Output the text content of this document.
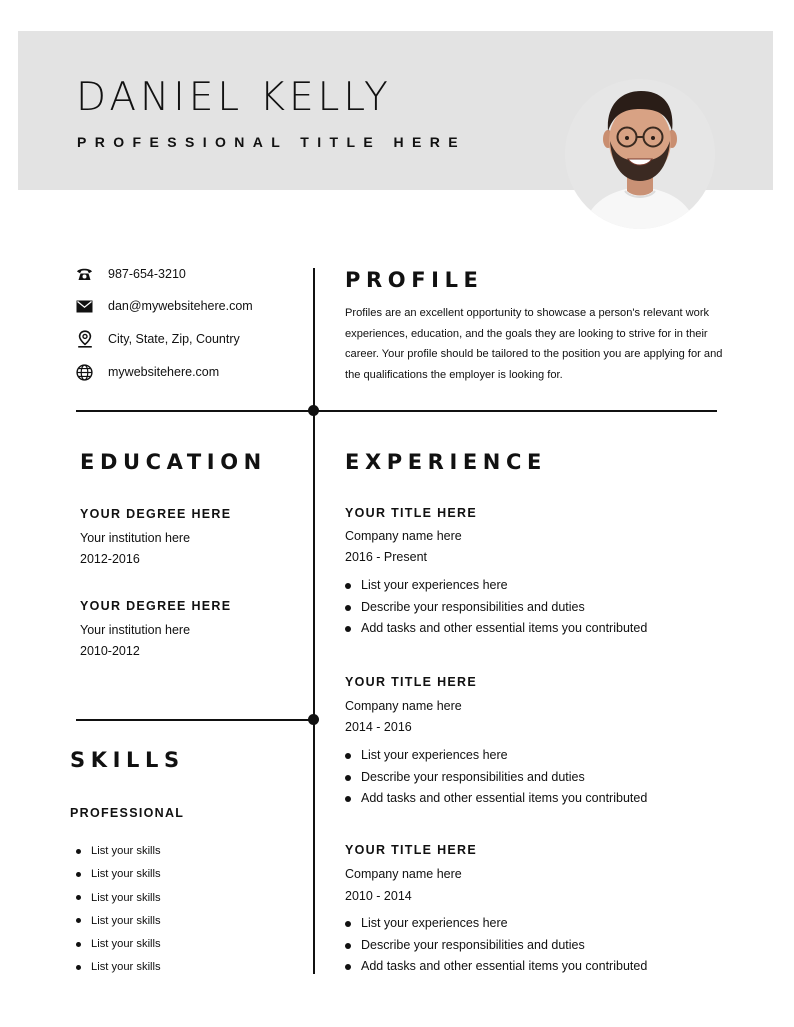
DANIEL KELLY
PROFESSIONAL TITLE HERE
987-654-3210
dan@mywebsitehere.com
City, State, Zip, Country
mywebsitehere.com
PROFILE

Profiles are an excellent opportunity to showcase a person's relevant work experiences, education, and the goals they are looking to strive for in their career. Your profile should be tailored to the position you are applying for and the qualifications the employer is looking for.

EDUCATION
YOUR DEGREE HERE
Your institution here
2012-2016
YOUR DEGREE HERE
Your institution here
2010-2012
SKILLS
PROFESSIONAL
List your skills
List your skills
List your skills
List your skills
List your skills
List your skills
EXPERIENCE
YOUR TITLE HERE
Company name here
2016 - Present
List your experiences here
Describe your responsibilities and duties
Add tasks and other essential items you contributed
YOUR TITLE HERE
Company name here
2014 - 2016
List your experiences here
Describe your responsibilities and duties
Add tasks and other essential items you contributed
YOUR TITLE HERE
Company name here
2010 - 2014
List your experiences here
Describe your responsibilities and duties
Add tasks and other essential items you contributed
